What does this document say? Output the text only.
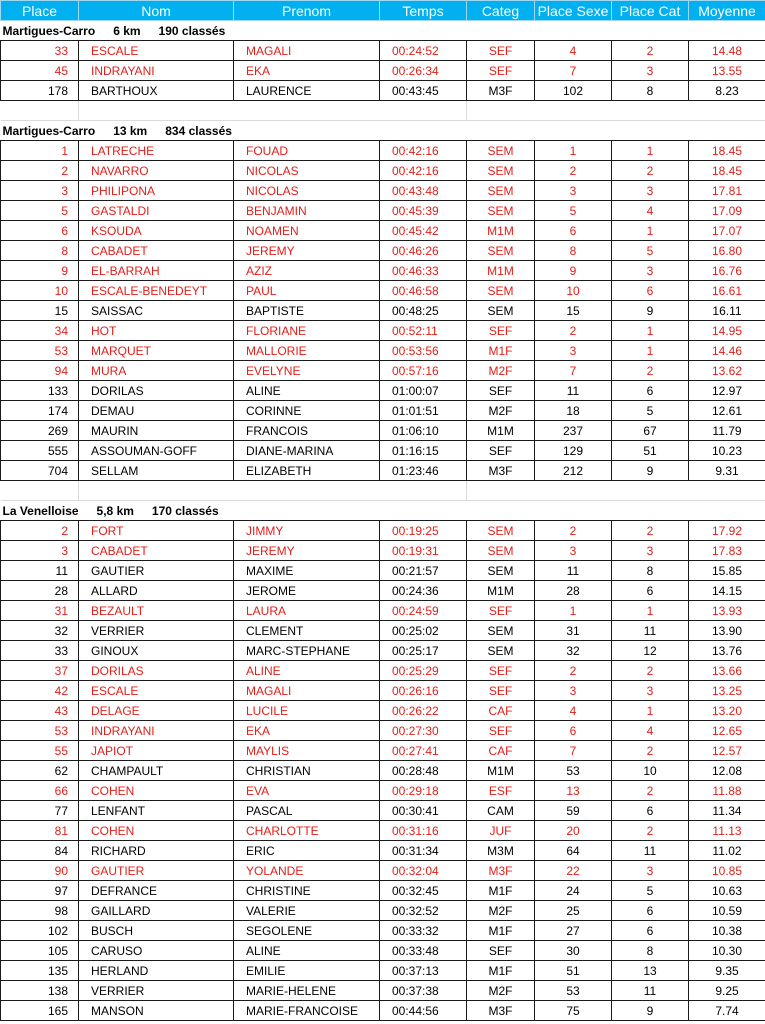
Place	Nom	Prenom	Temps	Categ	Place Sexe	Place Cat	Moyenne
Martigues-Carro 6 km 190 classés							
33	ESCALE	MAGALI	00:24:52	SEF	4	2	14.48
45	INDRAYANI	EKA	00:26:34	SEF	7	3	13.55
178	BARTHOUX	LAURENCE	00:43:45	M3F	102	8	8.23

Martigues-Carro 13 km 834 classés							
1	LATRECHE	FOUAD	00:42:16	SEM	1	1	18.45
2	NAVARRO	NICOLAS	00:42:16	SEM	2	2	18.45
3	PHILIPONA	NICOLAS	00:43:48	SEM	3	3	17.81
5	GASTALDI	BENJAMIN	00:45:39	SEM	5	4	17.09
6	KSOUDA	NOAMEN	00:45:42	M1M	6	1	17.07
8	CABADET	JEREMY	00:46:26	SEM	8	5	16.80
9	EL-BARRAH	AZIZ	00:46:33	M1M	9	3	16.76
10	ESCALE-BENEDEYT	PAUL	00:46:58	SEM	10	6	16.61
15	SAISSAC	BAPTISTE	00:48:25	SEM	15	9	16.11
34	HOT	FLORIANE	00:52:11	SEF	2	1	14.95
53	MARQUET	MALLORIE	00:53:56	M1F	3	1	14.46
94	MURA	EVELYNE	00:57:16	M2F	7	2	13.62
133	DORILAS	ALINE	01:00:07	SEF	11	6	12.97
174	DEMAU	CORINNE	01:01:51	M2F	18	5	12.61
269	MAURIN	FRANCOIS	01:06:10	M1M	237	67	11.79
555	ASSOUMAN-GOFF	DIANE-MARINA	01:16:15	SEF	129	51	10.23
704	SELLAM	ELIZABETH	01:23:46	M3F	212	9	9.31

La Venelloise 5,8 km 170 classés							
2	FORT	JIMMY	00:19:25	SEM	2	2	17.92
3	CABADET	JEREMY	00:19:31	SEM	3	3	17.83
11	GAUTIER	MAXIME	00:21:57	SEM	11	8	15.85
28	ALLARD	JEROME	00:24:36	M1M	28	6	14.15
31	BEZAULT	LAURA	00:24:59	SEF	1	1	13.93
32	VERRIER	CLEMENT	00:25:02	SEM	31	11	13.90
33	GINOUX	MARC-STEPHANE	00:25:17	SEM	32	12	13.76
37	DORILAS	ALINE	00:25:29	SEF	2	2	13.66
42	ESCALE	MAGALI	00:26:16	SEF	3	3	13.25
43	DELAGE	LUCILE	00:26:22	CAF	4	1	13.20
53	INDRAYANI	EKA	00:27:30	SEF	6	4	12.65
55	JAPIOT	MAYLIS	00:27:41	CAF	7	2	12.57
62	CHAMPAULT	CHRISTIAN	00:28:48	M1M	53	10	12.08
66	COHEN	EVA	00:29:18	ESF	13	2	11.88
77	LENFANT	PASCAL	00:30:41	CAM	59	6	11.34
81	COHEN	CHARLOTTE	00:31:16	JUF	20	2	11.13
84	RICHARD	ERIC	00:31:34	M3M	64	11	11.02
90	GAUTIER	YOLANDE	00:32:04	M3F	22	3	10.85
97	DEFRANCE	CHRISTINE	00:32:45	M1F	24	5	10.63
98	GAILLARD	VALERIE	00:32:52	M2F	25	6	10.59
102	BUSCH	SEGOLENE	00:33:32	M1F	27	6	10.38
105	CARUSO	ALINE	00:33:48	SEF	30	8	10.30
135	HERLAND	EMILIE	00:37:13	M1F	51	13	9.35
138	VERRIER	MARIE-HELENE	00:37:38	M2F	53	11	9.25
165	MANSON	MARIE-FRANCOISE	00:44:56	M3F	75	9	7.74
